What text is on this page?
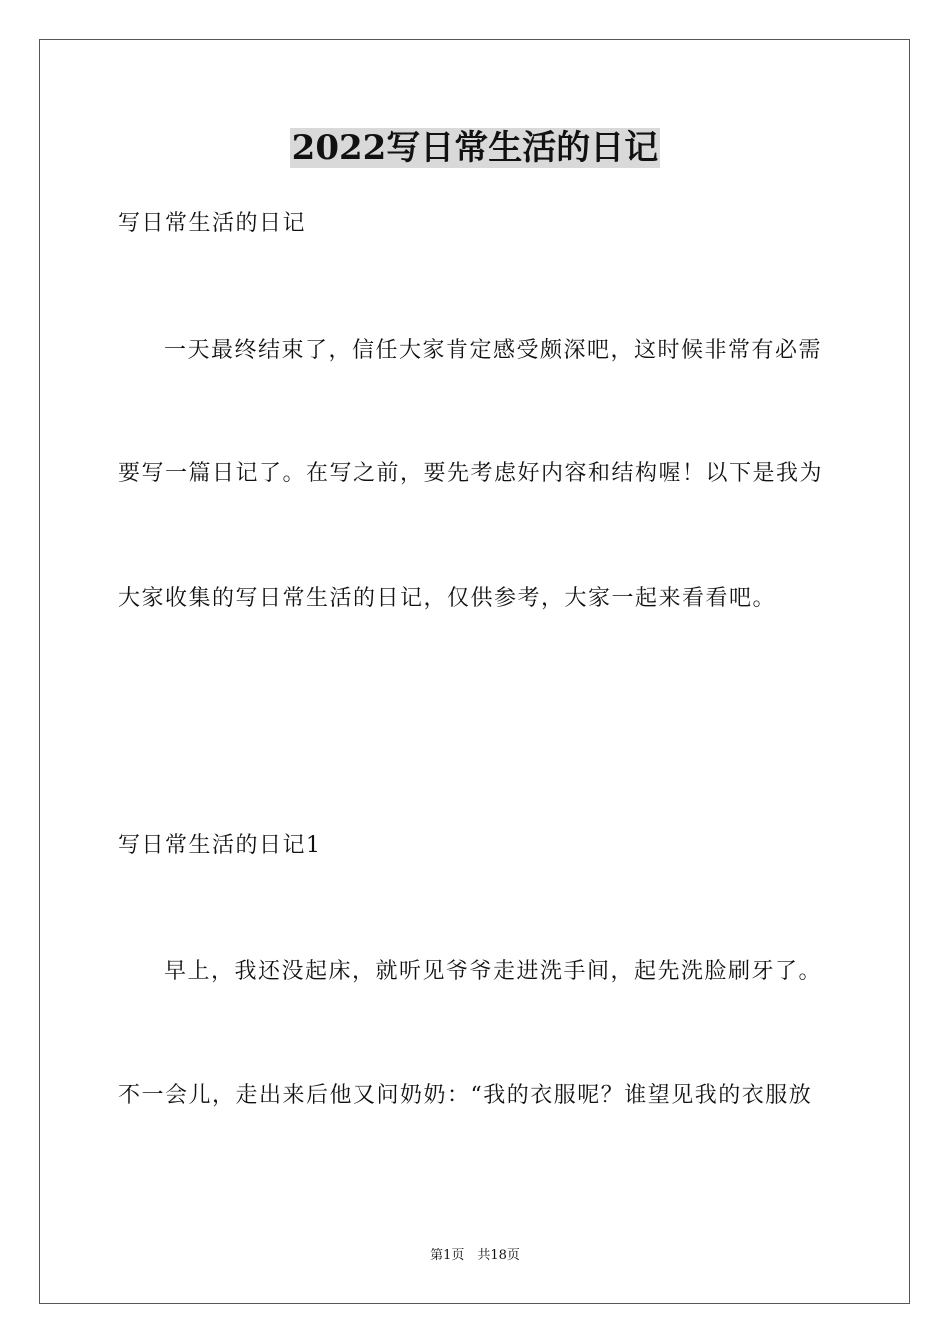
2022写日常生活的日记
写日常生活的日记
一天最终结束了，信任大家肯定感受颇深吧，这时候非常有必需
要写一篇日记了。在写之前，要先考虑好内容和结构喔！以下是我为
大家收集的写日常生活的日记，仅供参考，大家一起来看看吧。
写日常生活的日记1
早上，我还没起床，就听见爷爷走进洗手间，起先洗脸刷牙了。
不一会儿，走出来后他又问奶奶：“我的衣服呢？谁望见我的衣服放
第1页　共18页
